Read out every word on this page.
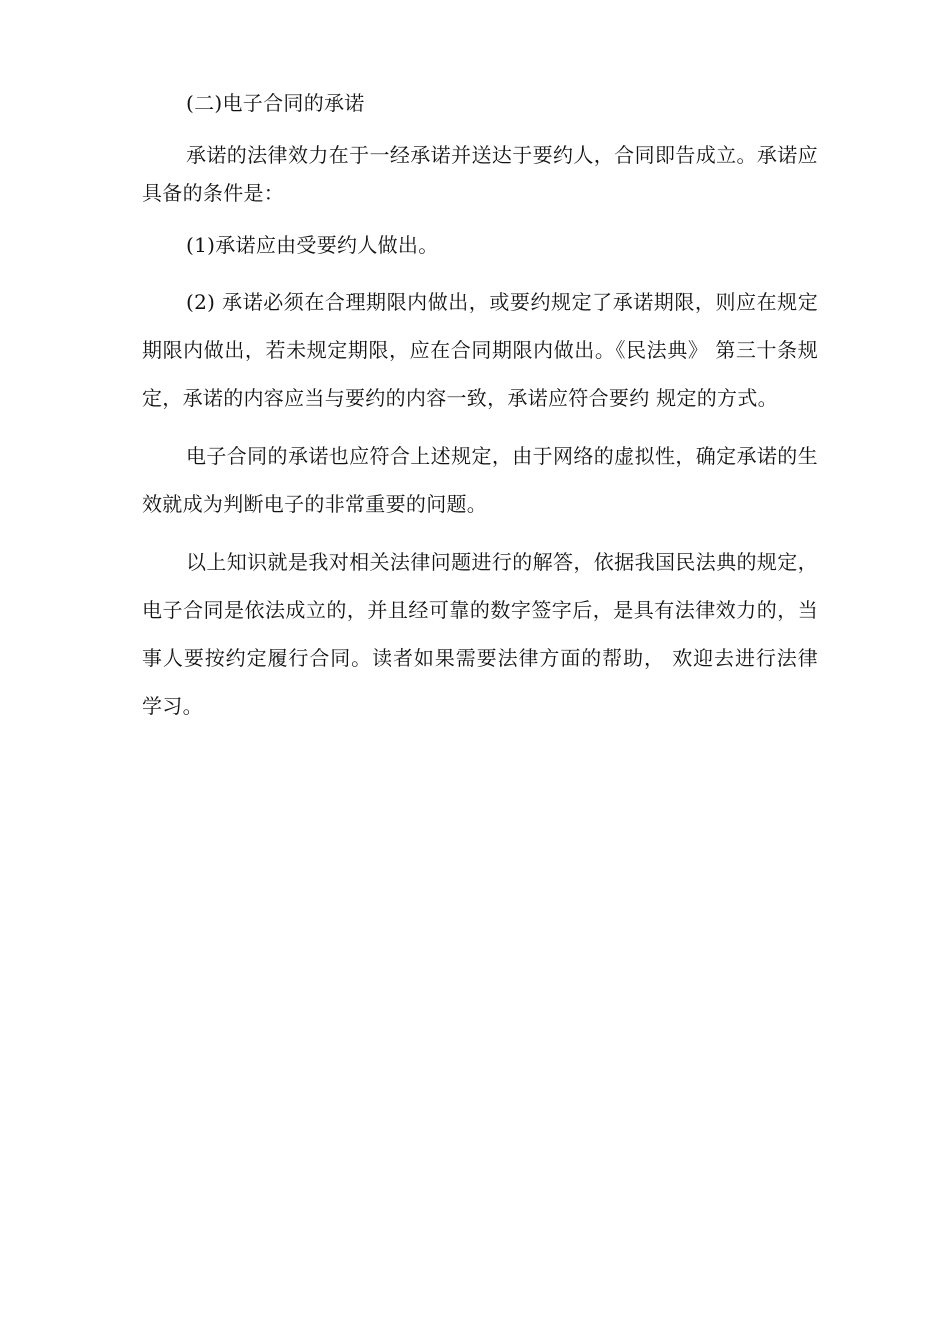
(二)电子合同的承诺

承诺的法律效力在于一经承诺并送达于要约人，合同即告成立。承诺应具备的条件是：

(1)承诺应由受要约人做出。

(2) 承诺必须在合理期限内做出，或要约规定了承诺期限，则应在规定期限内做出，若未规定期限，应在合同期限内做出。《民法典》 第三十条规定，承诺的内容应当与要约的内容一致，承诺应符合要约 规定的方式。

电子合同的承诺也应符合上述规定，由于网络的虚拟性，确定承诺的生效就成为判断电子的非常重要的问题。

以上知识就是我对相关法律问题进行的解答，依据我国民法典的规定，电子合同是依法成立的，并且经可靠的数字签字后，是具有法律效力的，当事人要按约定履行合同。读者如果需要法律方面的帮助， 欢迎去进行法律学习。
